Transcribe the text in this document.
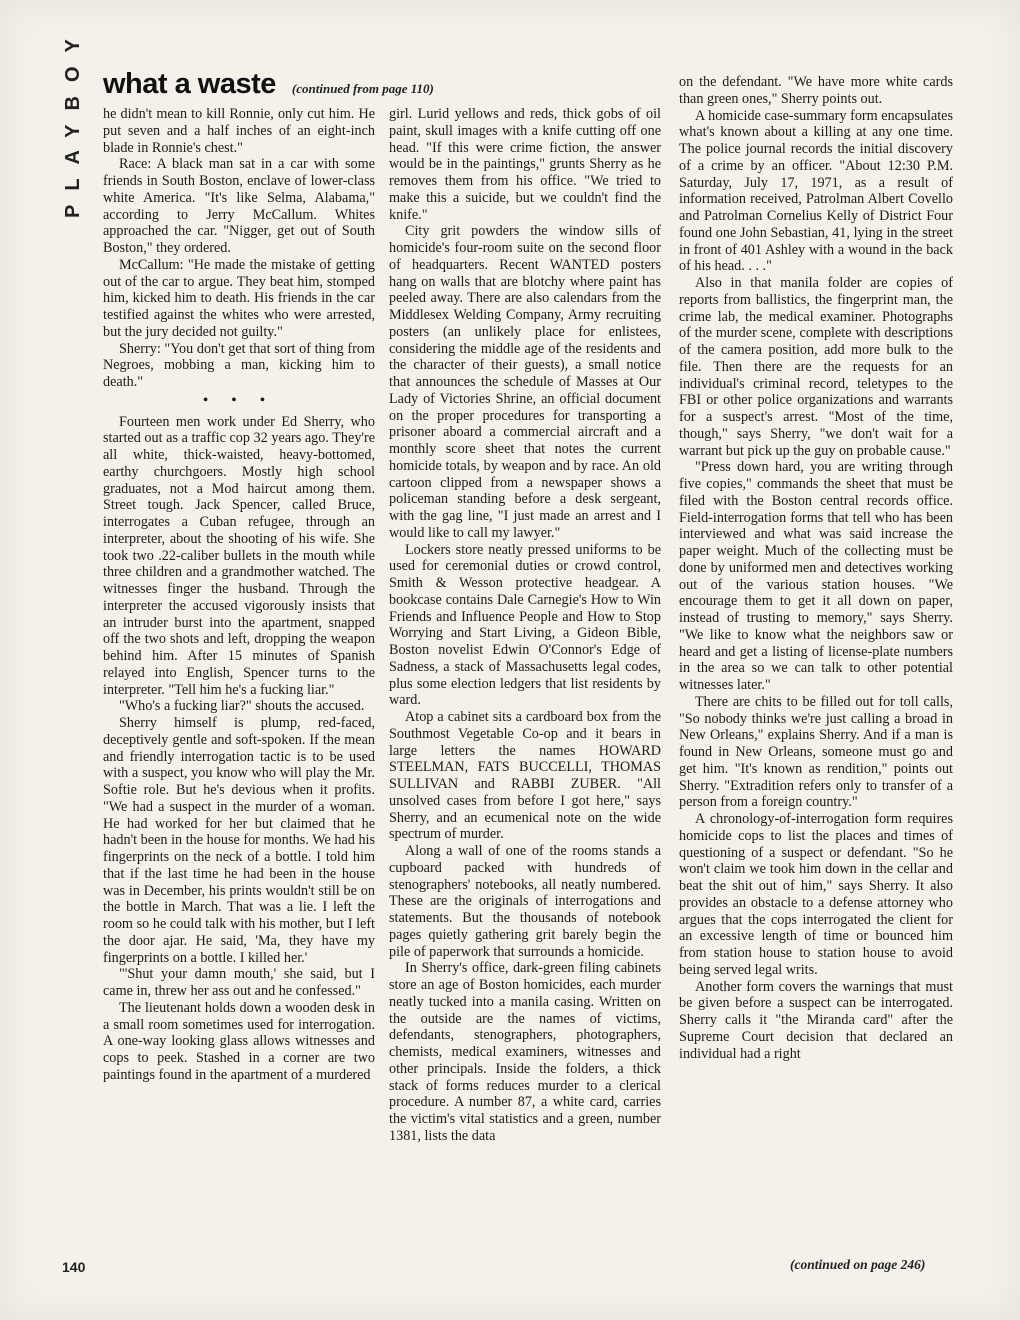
PLAYBOY what a waste (continued from page 110)

he didn't mean to kill Ronnie, only cut him. He put seven and a half inches of an eight-inch blade in Ronnie's chest."

Race: A black man sat in a car with some friends in South Boston, enclave of lower-class white America. "It's like Selma, Alabama," according to Jerry McCallum. Whites approached the car. "Nigger, get out of South Boston," they ordered.

McCallum: "He made the mistake of getting out of the car to argue. They beat him, stomped him, kicked him to death. His friends in the car testified against the whites who were arrested, but the jury decided not guilty."

Sherry: "You don't get that sort of thing from Negroes, mobbing a man, kicking him to death."

• • •

Fourteen men work under Ed Sherry, who started out as a traffic cop 32 years ago. They're all white, thick-waisted, heavy-bottomed, earthy churchgoers. Mostly high school graduates, not a Mod haircut among them. Street tough. Jack Spencer, called Bruce, interrogates a Cuban refugee, through an interpreter, about the shooting of his wife. She took two .22-caliber bullets in the mouth while three children and a grandmother watched. The witnesses finger the husband. Through the interpreter the accused vigorously insists that an intruder burst into the apartment, snapped off the two shots and left, dropping the weapon behind him. After 15 minutes of Spanish relayed into English, Spencer turns to the interpreter. "Tell him he's a fucking liar."

"Who's a fucking liar?" shouts the accused.

Sherry himself is plump, red-faced, deceptively gentle and soft-spoken. If the mean and friendly interrogation tactic is to be used with a suspect, you know who will play the Mr. Softie role. But he's devious when it profits. "We had a suspect in the murder of a woman. He had worked for her but claimed that he hadn't been in the house for months. We had his fingerprints on the neck of a bottle. I told him that if the last time he had been in the house was in December, his prints wouldn't still be on the bottle in March. That was a lie. I left the room so he could talk with his mother, but I left the door ajar. He said, 'Ma, they have my fingerprints on a bottle. I killed her.'

"'Shut your damn mouth,' she said, but I came in, threw her ass out and he confessed."

The lieutenant holds down a wooden desk in a small room sometimes used for interrogation. A one-way looking glass allows witnesses and cops to peek. Stashed in a corner are two paintings found in the apartment of a murdered

girl. Lurid yellows and reds, thick gobs of oil paint, skull images with a knife cutting off one head. "If this were crime fiction, the answer would be in the paintings," grunts Sherry as he removes them from his office. "We tried to make this a suicide, but we couldn't find the knife."

City grit powders the window sills of homicide's four-room suite on the second floor of headquarters. Recent WANTED posters hang on walls that are blotchy where paint has peeled away. There are also calendars from the Middlesex Welding Company, Army recruiting posters (an unlikely place for enlistees, considering the middle age of the residents and the character of their guests), a small notice that announces the schedule of Masses at Our Lady of Victories Shrine, an official document on the proper procedures for transporting a prisoner aboard a commercial aircraft and a monthly score sheet that notes the current homicide totals, by weapon and by race. An old cartoon clipped from a newspaper shows a policeman standing before a desk sergeant, with the gag line, "I just made an arrest and I would like to call my lawyer."

Lockers store neatly pressed uniforms to be used for ceremonial duties or crowd control, Smith & Wesson protective headgear. A bookcase contains Dale Carnegie's How to Win Friends and Influence People and How to Stop Worrying and Start Living, a Gideon Bible, Boston novelist Edwin O'Connor's Edge of Sadness, a stack of Massachusetts legal codes, plus some election ledgers that list residents by ward.

Atop a cabinet sits a cardboard box from the Southmost Vegetable Co-op and it bears in large letters the names HOWARD STEELMAN, FATS BUCCELLI, THOMAS SULLIVAN and RABBI ZUBER. "All unsolved cases from before I got here," says Sherry, and an ecumenical note on the wide spectrum of murder.

Along a wall of one of the rooms stands a cupboard packed with hundreds of stenographers' notebooks, all neatly numbered. These are the originals of interrogations and statements. But the thousands of notebook pages quietly gathering grit barely begin the pile of paperwork that surrounds a homicide.

In Sherry's office, dark-green filing cabinets store an age of Boston homicides, each murder neatly tucked into a manila casing. Written on the outside are the names of victims, defendants, stenographers, photographers, chemists, medical examiners, witnesses and other principals. Inside the folders, a thick stack of forms reduces murder to a clerical procedure. A number 87, a white card, carries the victim's vital statistics and a green, number 1381, lists the data

on the defendant. "We have more white cards than green ones," Sherry points out.

A homicide case-summary form encapsulates what's known about a killing at any one time. The police journal records the initial discovery of a crime by an officer. "About 12:30 P.M. Saturday, July 17, 1971, as a result of information received, Patrolman Albert Covello and Patrolman Cornelius Kelly of District Four found one John Sebastian, 41, lying in the street in front of 401 Ashley with a wound in the back of his head. . . ."

Also in that manila folder are copies of reports from ballistics, the fingerprint man, the crime lab, the medical examiner. Photographs of the murder scene, complete with descriptions of the camera position, add more bulk to the file. Then there are the requests for an individual's criminal record, teletypes to the FBI or other police organizations and warrants for a suspect's arrest. "Most of the time, though," says Sherry, "we don't wait for a warrant but pick up the guy on probable cause."

"Press down hard, you are writing through five copies," commands the sheet that must be filed with the Boston central records office. Field-interrogation forms that tell who has been interviewed and what was said increase the paper weight. Much of the collecting must be done by uniformed men and detectives working out of the various station houses. "We encourage them to get it all down on paper, instead of trusting to memory," says Sherry. "We like to know what the neighbors saw or heard and get a listing of license-plate numbers in the area so we can talk to other potential witnesses later."

There are chits to be filled out for toll calls, "So nobody thinks we're just calling a broad in New Orleans," explains Sherry. And if a man is found in New Orleans, someone must go and get him. "It's known as rendition," points out Sherry. "Extradition refers only to transfer of a person from a foreign country."

A chronology-of-interrogation form requires homicide cops to list the places and times of questioning of a suspect or defendant. "So he won't claim we took him down in the cellar and beat the shit out of him," says Sherry. It also provides an obstacle to a defense attorney who argues that the cops interrogated the client for an excessive length of time or bounced him from station house to station house to avoid being served legal writs.

Another form covers the warnings that must be given before a suspect can be interrogated. Sherry calls it "the Miranda card" after the Supreme Court decision that declared an individual had a right

140	(continued on page 246)
